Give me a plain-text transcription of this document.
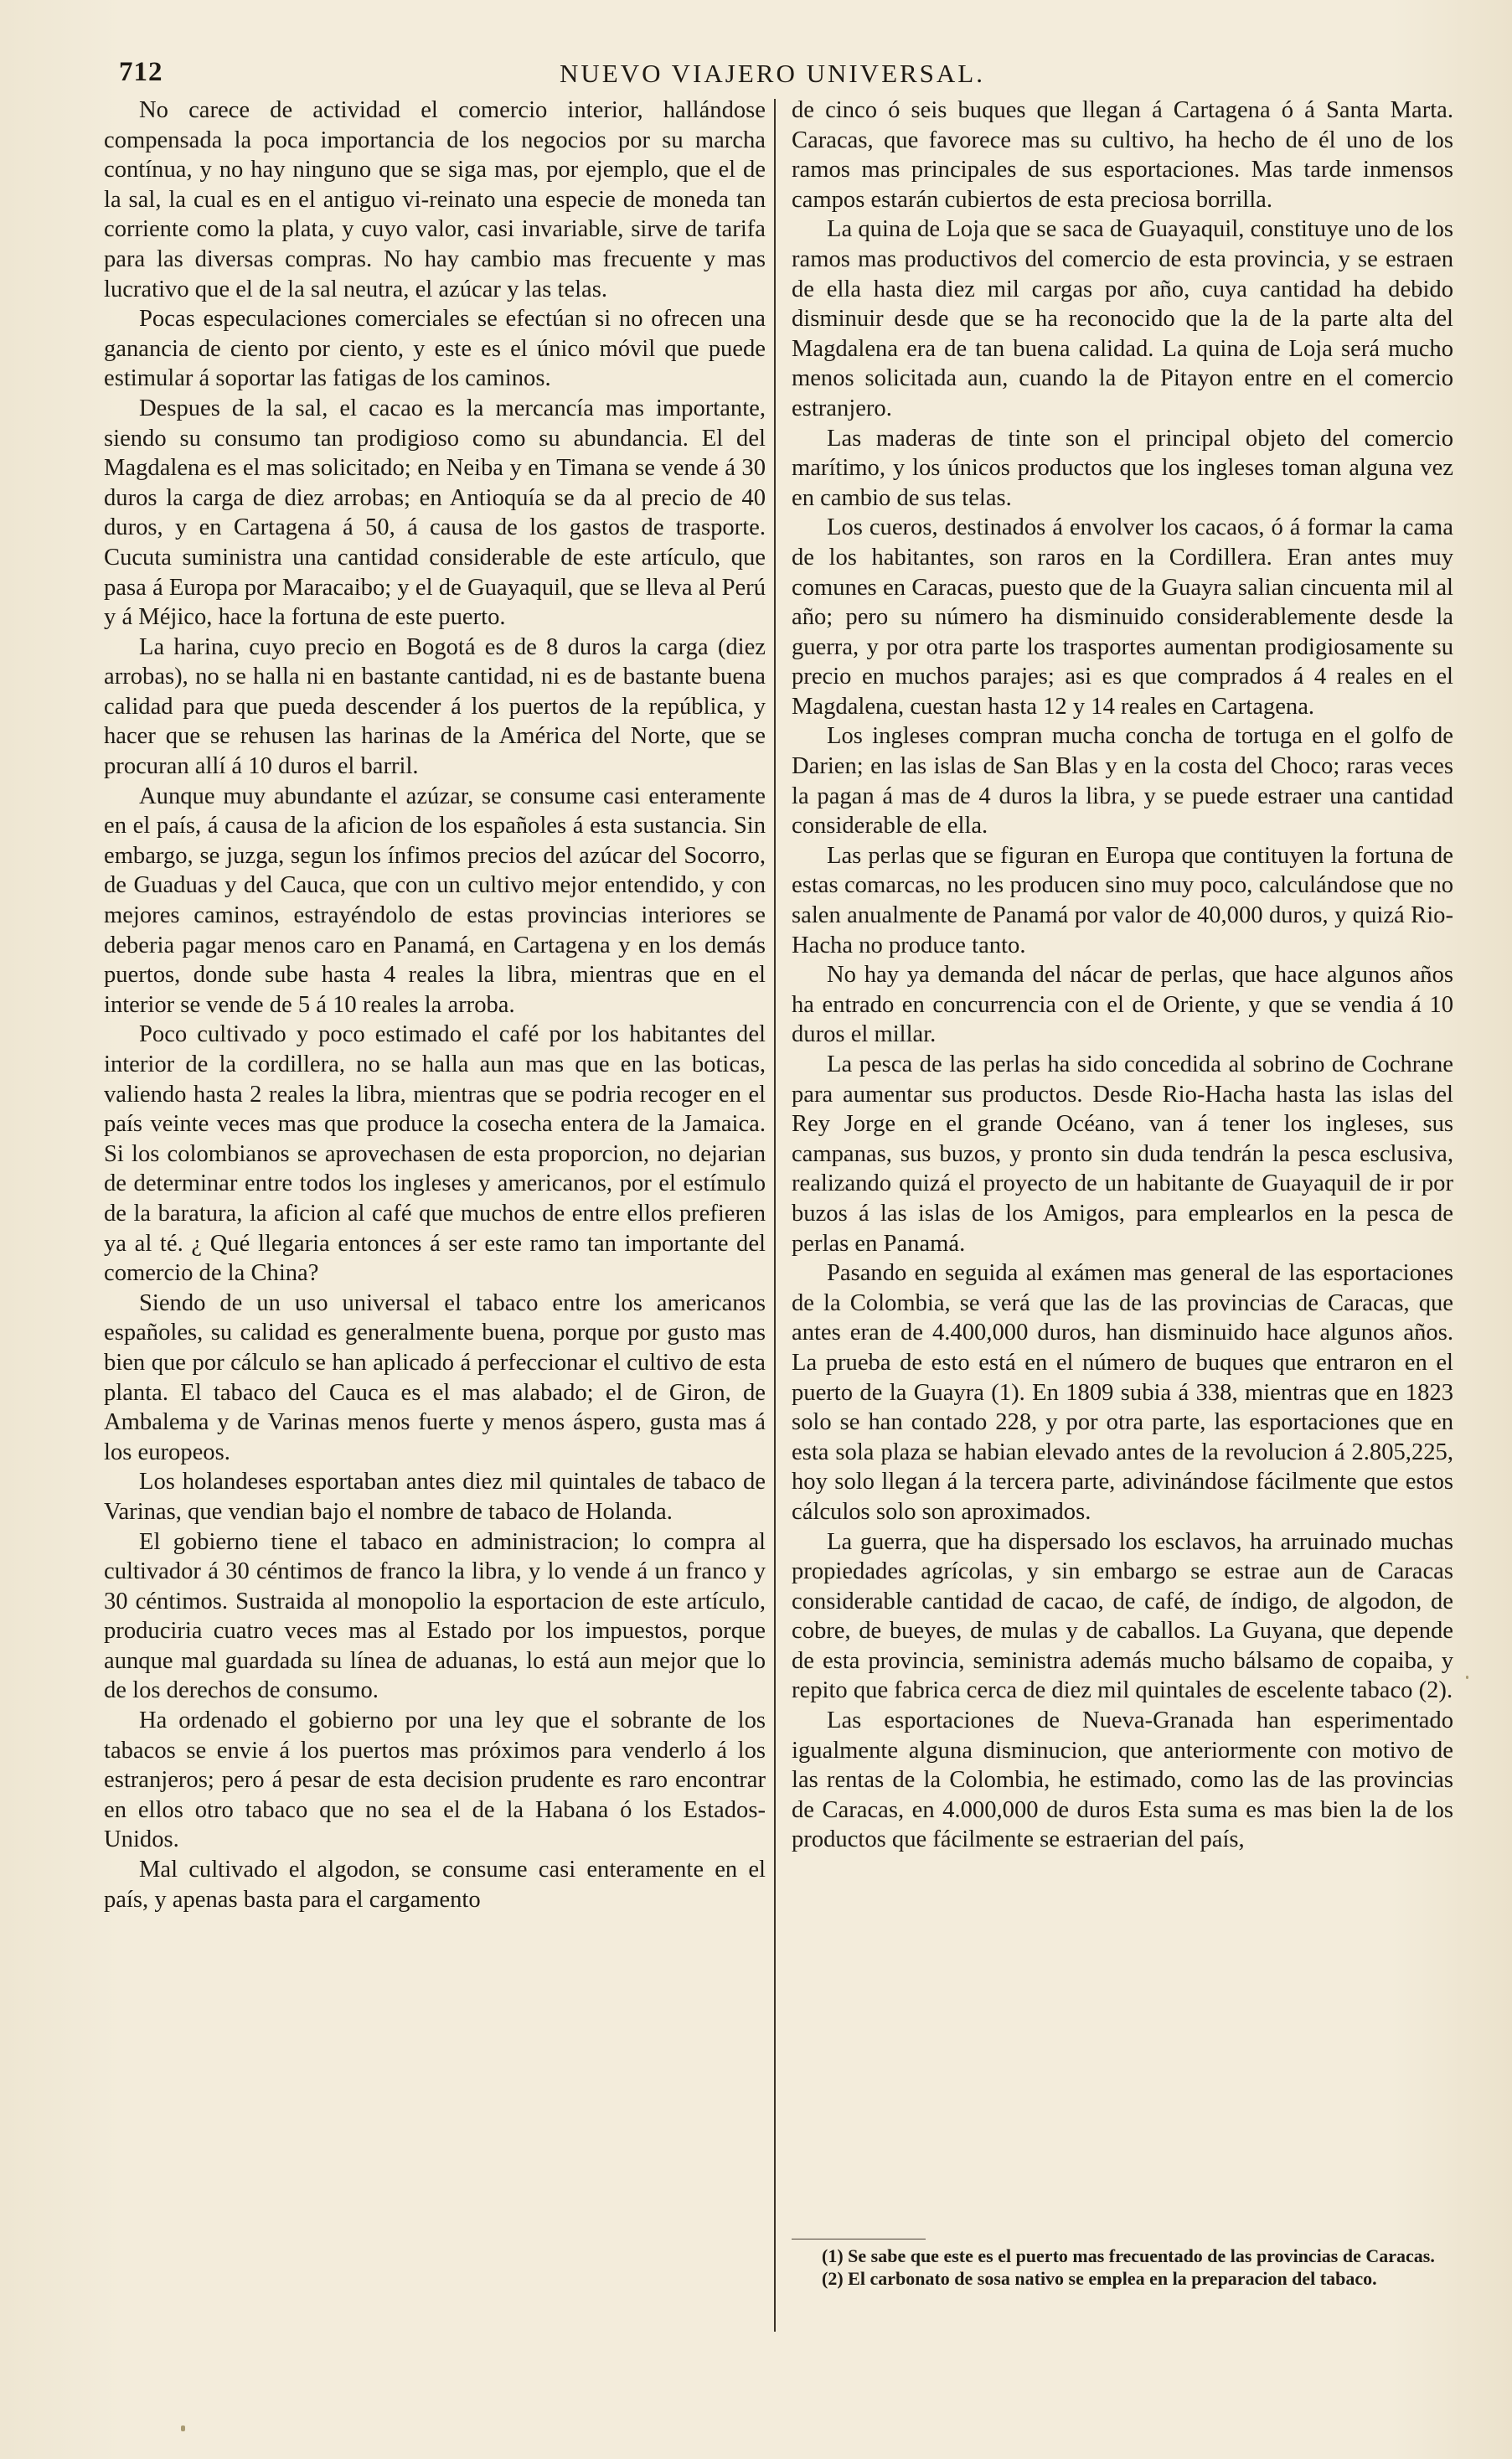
712	NUEVO VIAJERO UNIVERSAL.

No carece de actividad el comercio interior, hallándose compensada la poca importancia de los negocios por su marcha contínua, y no hay ninguno que se siga mas, por ejemplo, que el de la sal, la cual es en el antiguo vi-reinato una especie de moneda tan corriente como la plata, y cuyo valor, casi invariable, sirve de tarifa para las diversas compras. No hay cambio mas frecuente y mas lucrativo que el de la sal neutra, el azúcar y las telas.

Pocas especulaciones comerciales se efectúan si no ofrecen una ganancia de ciento por ciento, y este es el único móvil que puede estimular á soportar las fatigas de los caminos.

Despues de la sal, el cacao es la mercancía mas importante, siendo su consumo tan prodigioso como su abundancia. El del Magdalena es el mas solicitado; en Neiba y en Timana se vende á 30 duros la carga de diez arrobas; en Antioquía se da al precio de 40 duros, y en Cartagena á 50, á causa de los gastos de trasporte. Cucuta suministra una cantidad considerable de este artículo, que pasa á Europa por Maracaibo; y el de Guayaquil, que se lleva al Perú y á Méjico, hace la fortuna de este puerto.

La harina, cuyo precio en Bogotá es de 8 duros la carga (diez arrobas), no se halla ni en bastante cantidad, ni es de bastante buena calidad para que pueda descender á los puertos de la república, y hacer que se rehusen las harinas de la América del Norte, que se procuran allí á 10 duros el barril.

Aunque muy abundante el azúzar, se consume casi enteramente en el país, á causa de la aficion de los españoles á esta sustancia. Sin embargo, se juzga, segun los ínfimos precios del azúcar del Socorro, de Guaduas y del Cauca, que con un cultivo mejor entendido, y con mejores caminos, estrayéndolo de estas provincias interiores se deberia pagar menos caro en Panamá, en Cartagena y en los demás puertos, donde sube hasta 4 reales la libra, mientras que en el interior se vende de 5 á 10 reales la arroba.

Poco cultivado y poco estimado el café por los habitantes del interior de la cordillera, no se halla aun mas que en las boticas, valiendo hasta 2 reales la libra, mientras que se podria recoger en el país veinte veces mas que produce la cosecha entera de la Jamaica. Si los colombianos se aprovechasen de esta proporcion, no dejarian de determinar entre todos los ingleses y americanos, por el estímulo de la baratura, la aficion al café que muchos de entre ellos prefieren ya al té. ¿ Qué llegaria entonces á ser este ramo tan importante del comercio de la China?

Siendo de un uso universal el tabaco entre los americanos españoles, su calidad es generalmente buena, porque por gusto mas bien que por cálculo se han aplicado á perfeccionar el cultivo de esta planta. El tabaco del Cauca es el mas alabado; el de Giron, de Ambalema y de Varinas menos fuerte y menos áspero, gusta mas á los europeos.

Los holandeses esportaban antes diez mil quintales de tabaco de Varinas, que vendian bajo el nombre de tabaco de Holanda.

El gobierno tiene el tabaco en administracion; lo compra al cultivador á 30 céntimos de franco la libra, y lo vende á un franco y 30 céntimos. Sustraida al monopolio la esportacion de este artículo, produciria cuatro veces mas al Estado por los impuestos, porque aunque mal guardada su línea de aduanas, lo está aun mejor que lo de los derechos de consumo.

Ha ordenado el gobierno por una ley que el sobrante de los tabacos se envie á los puertos mas próximos para venderlo á los estranjeros; pero á pesar de esta decision prudente es raro encontrar en ellos otro tabaco que no sea el de la Habana ó los Estados-Unidos.

Mal cultivado el algodon, se consume casi enteramente en el país, y apenas basta para el cargamento

de cinco ó seis buques que llegan á Cartagena ó á Santa Marta. Caracas, que favorece mas su cultivo, ha hecho de él uno de los ramos mas principales de sus esportaciones. Mas tarde inmensos campos estarán cubiertos de esta preciosa borrilla.

La quina de Loja que se saca de Guayaquil, constituye uno de los ramos mas productivos del comercio de esta provincia, y se estraen de ella hasta diez mil cargas por año, cuya cantidad ha debido disminuir desde que se ha reconocido que la de la parte alta del Magdalena era de tan buena calidad. La quina de Loja será mucho menos solicitada aun, cuando la de Pitayon entre en el comercio estranjero.

Las maderas de tinte son el principal objeto del comercio marítimo, y los únicos productos que los ingleses toman alguna vez en cambio de sus telas.

Los cueros, destinados á envolver los cacaos, ó á formar la cama de los habitantes, son raros en la Cordillera. Eran antes muy comunes en Caracas, puesto que de la Guayra salian cincuenta mil al año; pero su número ha disminuido considerablemente desde la guerra, y por otra parte los trasportes aumentan prodigiosamente su precio en muchos parajes; asi es que comprados á 4 reales en el Magdalena, cuestan hasta 12 y 14 reales en Cartagena.

Los ingleses compran mucha concha de tortuga en el golfo de Darien; en las islas de San Blas y en la costa del Choco; raras veces la pagan á mas de 4 duros la libra, y se puede estraer una cantidad considerable de ella.

Las perlas que se figuran en Europa que contituyen la fortuna de estas comarcas, no les producen sino muy poco, calculándose que no salen anualmente de Panamá por valor de 40,000 duros, y quizá Rio-Hacha no produce tanto.

No hay ya demanda del nácar de perlas, que hace algunos años ha entrado en concurrencia con el de Oriente, y que se vendia á 10 duros el millar.

La pesca de las perlas ha sido concedida al sobrino de Cochrane para aumentar sus productos. Desde Rio-Hacha hasta las islas del Rey Jorge en el grande Océano, van á tener los ingleses, sus campanas, sus buzos, y pronto sin duda tendrán la pesca esclusiva, realizando quizá el proyecto de un habitante de Guayaquil de ir por buzos á las islas de los Amigos, para emplearlos en la pesca de perlas en Panamá.

Pasando en seguida al exámen mas general de las esportaciones de la Colombia, se verá que las de las provincias de Caracas, que antes eran de 4.400,000 duros, han disminuido hace algunos años. La prueba de esto está en el número de buques que entraron en el puerto de la Guayra (1). En 1809 subia á 338, mientras que en 1823 solo se han contado 228, y por otra parte, las esportaciones que en esta sola plaza se habian elevado antes de la revolucion á 2.805,225, hoy solo llegan á la tercera parte, adivinándose fácilmente que estos cálculos solo son aproximados.

La guerra, que ha dispersado los esclavos, ha arruinado muchas propiedades agrícolas, y sin embargo se estrae aun de Caracas considerable cantidad de cacao, de café, de índigo, de algodon, de cobre, de bueyes, de mulas y de caballos. La Guyana, que depende de esta provincia, seministra además mucho bálsamo de copaiba, y repito que fabrica cerca de diez mil quintales de escelente tabaco (2).

Las esportaciones de Nueva-Granada han esperimentado igualmente alguna disminucion, que anteriormente con motivo de las rentas de la Colombia, he estimado, como las de las provincias de Caracas, en 4.000,000 de duros Esta suma es mas bien la de los productos que fácilmente se estraerian del país,

(1) Se sabe que este es el puerto mas frecuentado de las provincias de Caracas.

(2) El carbonato de sosa nativo se emplea en la preparacion del tabaco.
